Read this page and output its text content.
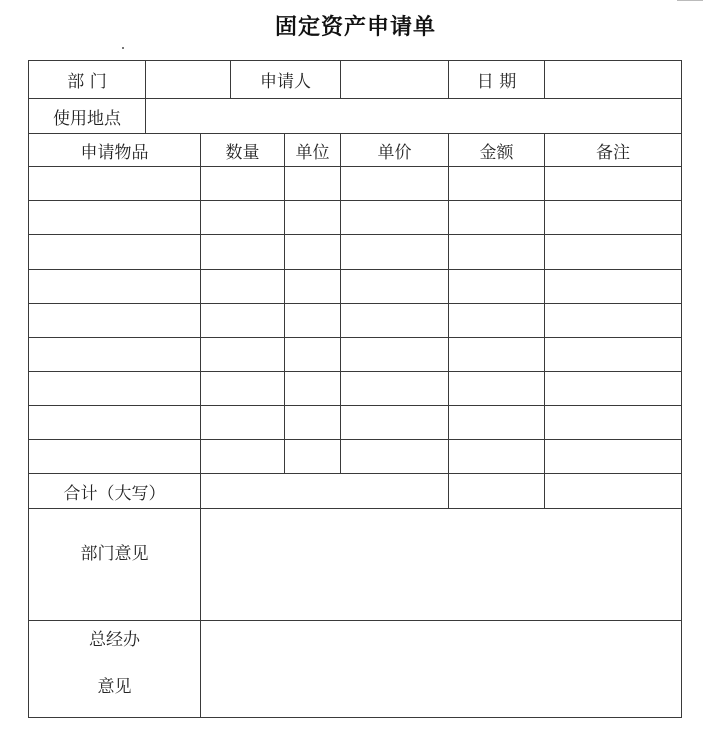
固定资产申请单
部 门			申请人			日 期	
使用地点							
申请物品		数量		单位	单价	金额	备注

合计（大写）							
部门意见							
总经办
意见							
